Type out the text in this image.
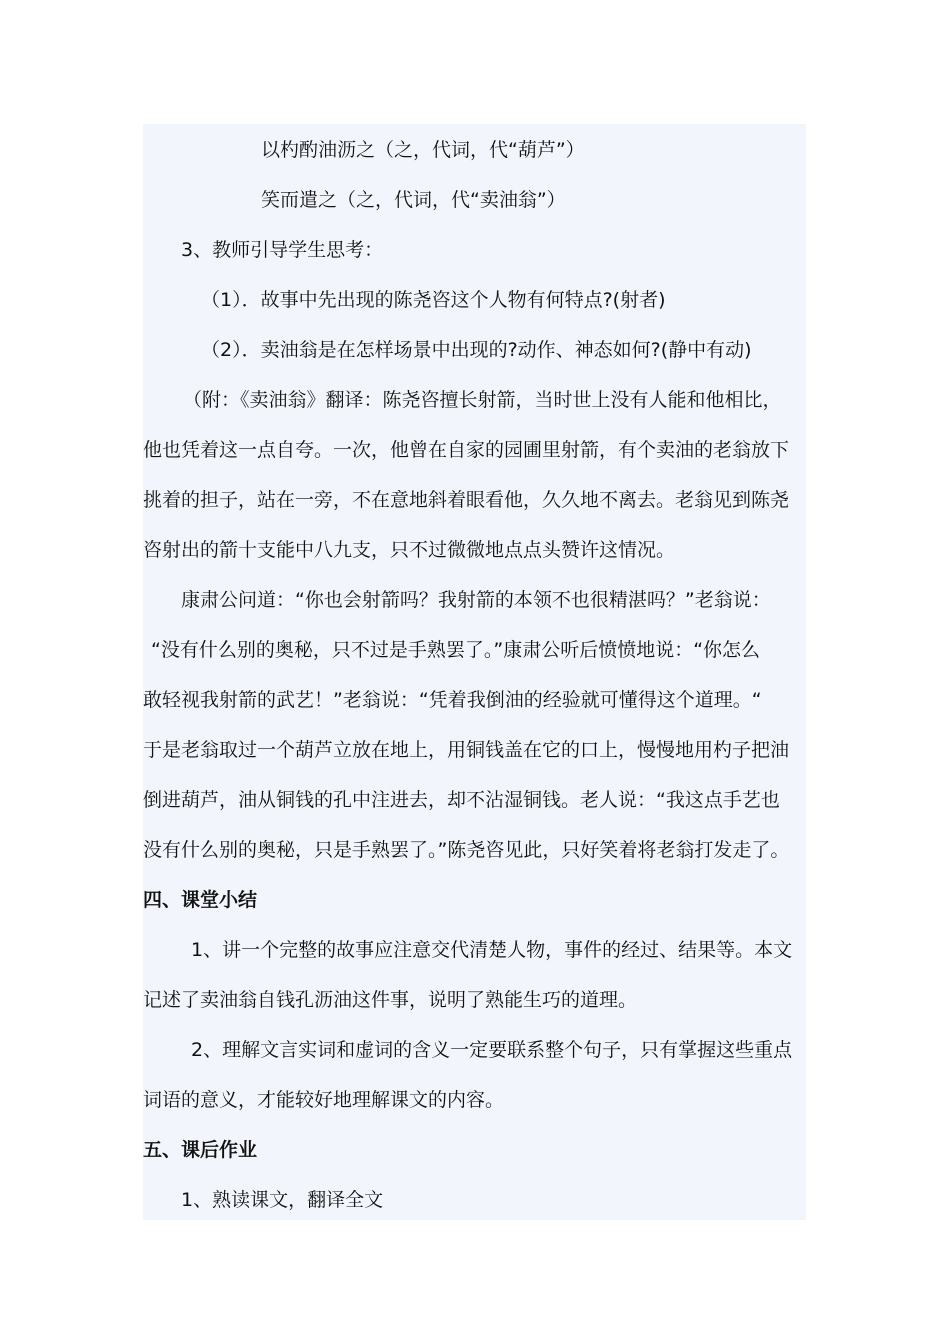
以杓酌油沥之（之，代词，代“葫芦”）
笑而遣之（之，代词，代“卖油翁”）
3、教师引导学生思考：
（1）．故事中先出现的陈尧咨这个人物有何特点?(射者)
（2）．卖油翁是在怎样场景中出现的?动作、神态如何?(静中有动)
（附：《卖油翁》翻译：陈尧咨擅长射箭，当时世上没有人能和他相比，
他也凭着这一点自夸。一次，他曾在自家的园圃里射箭，有个卖油的老翁放下
挑着的担子，站在一旁，不在意地斜着眼看他，久久地不离去。老翁见到陈尧
咨射出的箭十支能中八九支，只不过微微地点点头赞许这情况。
康肃公问道：“你也会射箭吗？我射箭的本领不也很精湛吗？”老翁说：
“没有什么别的奥秘，只不过是手熟罢了。”康肃公听后愤愤地说：“你怎么
敢轻视我射箭的武艺！”老翁说：“凭着我倒油的经验就可懂得这个道理。“
于是老翁取过一个葫芦立放在地上，用铜钱盖在它的口上，慢慢地用杓子把油
倒进葫芦，油从铜钱的孔中注进去，却不沾湿铜钱。老人说：“我这点手艺也
没有什么别的奥秘，只是手熟罢了。”陈尧咨见此，只好笑着将老翁打发走了。
四、课堂小结
1、讲一个完整的故事应注意交代清楚人物，事件的经过、结果等。本文
记述了卖油翁自钱孔沥油这件事，说明了熟能生巧的道理。
2、理解文言实词和虚词的含义一定要联系整个句子，只有掌握这些重点
词语的意义，才能较好地理解课文的内容。
五、课后作业
1、熟读课文，翻译全文
